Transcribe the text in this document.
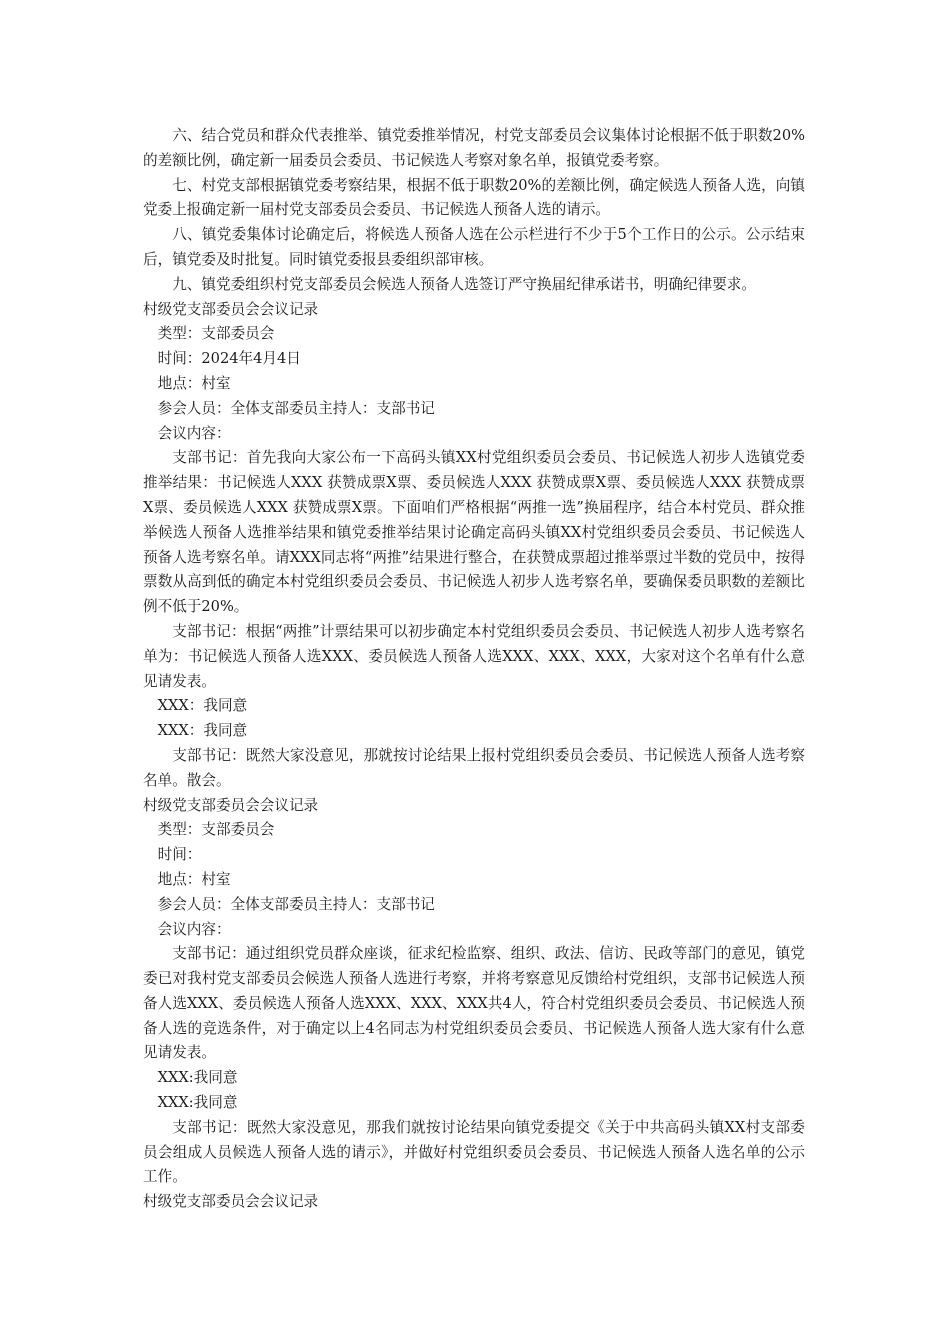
六、结合党员和群众代表推举、镇党委推举情况，村党支部委员会议集体讨论根据不低于职数20%的差额比例，确定新一届委员会委员、书记候选人考察对象名单，报镇党委考察。

七、村党支部根据镇党委考察结果，根据不低于职数20%的差额比例，确定候选人预备人选，向镇党委上报确定新一届村党支部委员会委员、书记候选人预备人选的请示。

八、镇党委集体讨论确定后，将候选人预备人选在公示栏进行不少于5个工作日的公示。公示结束后，镇党委及时批复。同时镇党委报县委组织部审核。

九、镇党委组织村党支部委员会候选人预备人选签订严守换届纪律承诺书，明确纪律要求。

村级党支部委员会会议记录

类型：支部委员会

时间：2024年4月4日

地点：村室

参会人员：全体支部委员主持人：支部书记

会议内容：

支部书记：首先我向大家公布一下高码头镇XX村党组织委员会委员、书记候选人初步人选镇党委推举结果：书记候选人XXX 获赞成票X票、委员候选人XXX 获赞成票X票、委员候选人XXX 获赞成票X票、委员候选人XXX 获赞成票X票。下面咱们严格根据“两推一选”换届程序，结合本村党员、群众推举候选人预备人选推举结果和镇党委推举结果讨论确定高码头镇XX村党组织委员会委员、书记候选人预备人选考察名单。请XXX同志将“两推”结果进行整合，在获赞成票超过推举票过半数的党员中，按得票数从高到低的确定本村党组织委员会委员、书记候选人初步人选考察名单，要确保委员职数的差额比例不低于20%。

支部书记：根据“两推”计票结果可以初步确定本村党组织委员会委员、书记候选人初步人选考察名单为：书记候选人预备人选XXX、委员候选人预备人选XXX、XXX、XXX，大家对这个名单有什么意见请发表。

XXX：我同意

XXX：我同意

支部书记：既然大家没意见，那就按讨论结果上报村党组织委员会委员、书记候选人预备人选考察名单。散会。

村级党支部委员会会议记录

类型：支部委员会

时间：

地点：村室

参会人员：全体支部委员主持人：支部书记

会议内容：

支部书记：通过组织党员群众座谈，征求纪检监察、组织、政法、信访、民政等部门的意见，镇党委已对我村党支部委员会候选人预备人选进行考察，并将考察意见反馈给村党组织，支部书记候选人预备人选XXX、委员候选人预备人选XXX、XXX、XXX共4人，符合村党组织委员会委员、书记候选人预备人选的竞选条件，对于确定以上4名同志为村党组织委员会委员、书记候选人预备人选大家有什么意见请发表。

XXX:我同意

XXX:我同意

支部书记：既然大家没意见，那我们就按讨论结果向镇党委提交《关于中共高码头镇XX村支部委员会组成人员候选人预备人选的请示》，并做好村党组织委员会委员、书记候选人预备人选名单的公示工作。

村级党支部委员会会议记录
